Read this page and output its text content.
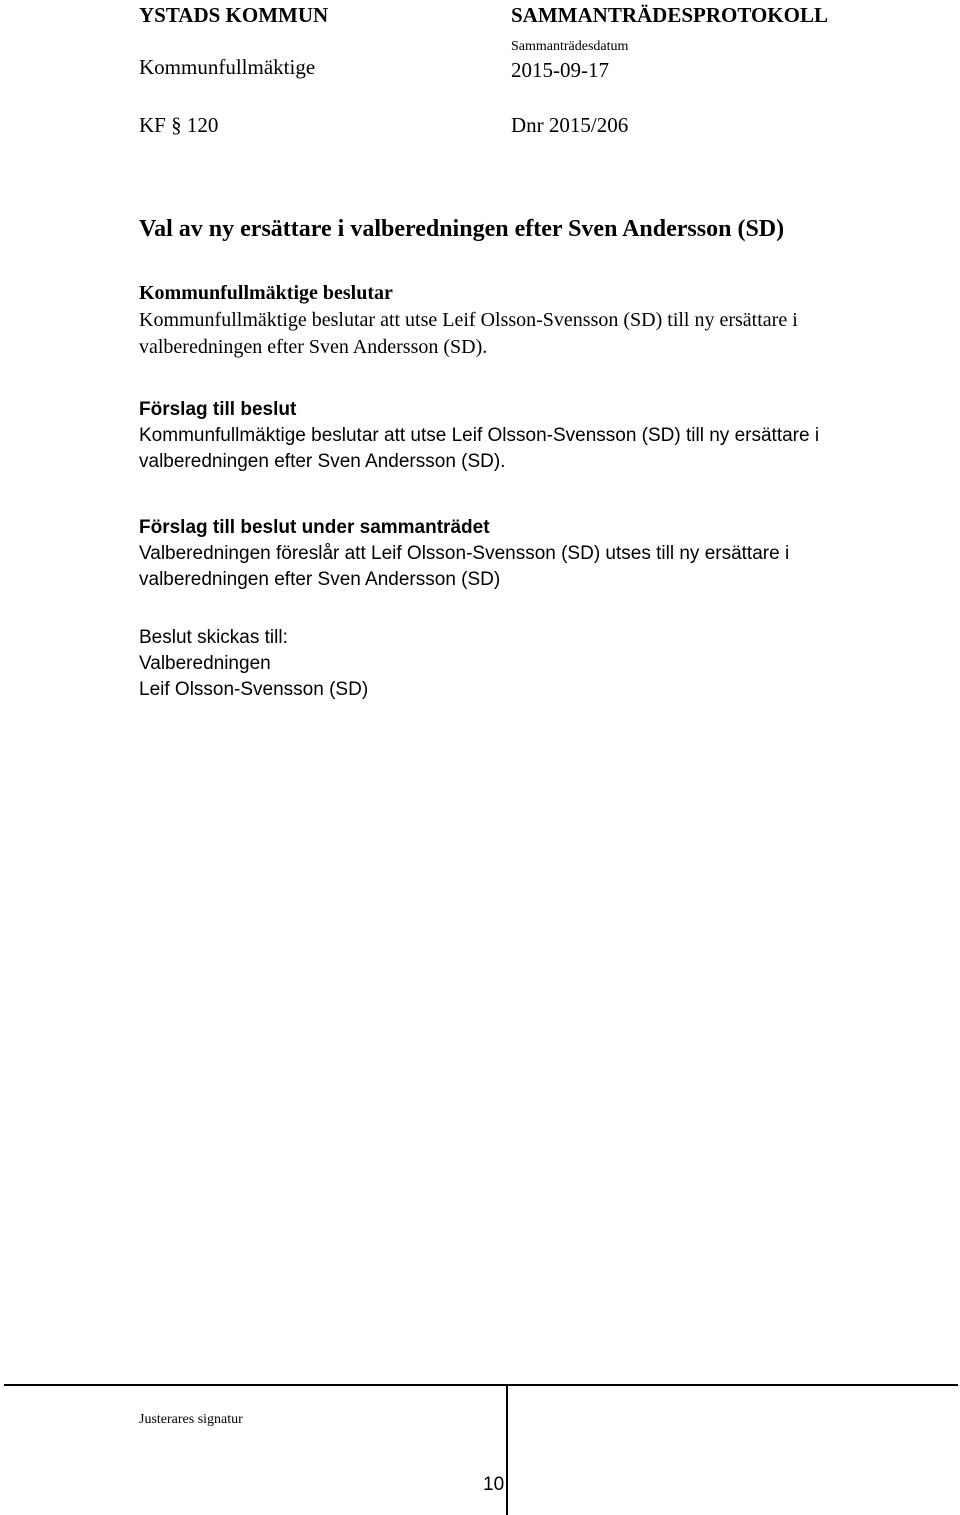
YSTADS KOMMUN	SAMMANTRÄDESPROTOKOLL
Kommunfullmäktige
Sammanträdesdatum
2015-09-17
KF § 120	Dnr 2015/206
Val av ny ersättare i valberedningen efter Sven Andersson (SD)
Kommunfullmäktige beslutar
Kommunfullmäktige beslutar att utse Leif Olsson-Svensson (SD) till ny ersättare i
valberedningen efter Sven Andersson (SD).
Förslag till beslut
Kommunfullmäktige beslutar att utse Leif Olsson-Svensson (SD) till ny ersättare i
valberedningen efter Sven Andersson (SD).
Förslag till beslut under sammanträdet
Valberedningen föreslår att Leif Olsson-Svensson (SD) utses till ny ersättare i
valberedningen efter Sven Andersson (SD)
Beslut skickas till:
Valberedningen
Leif Olsson-Svensson (SD)
Justerares signatur
10
